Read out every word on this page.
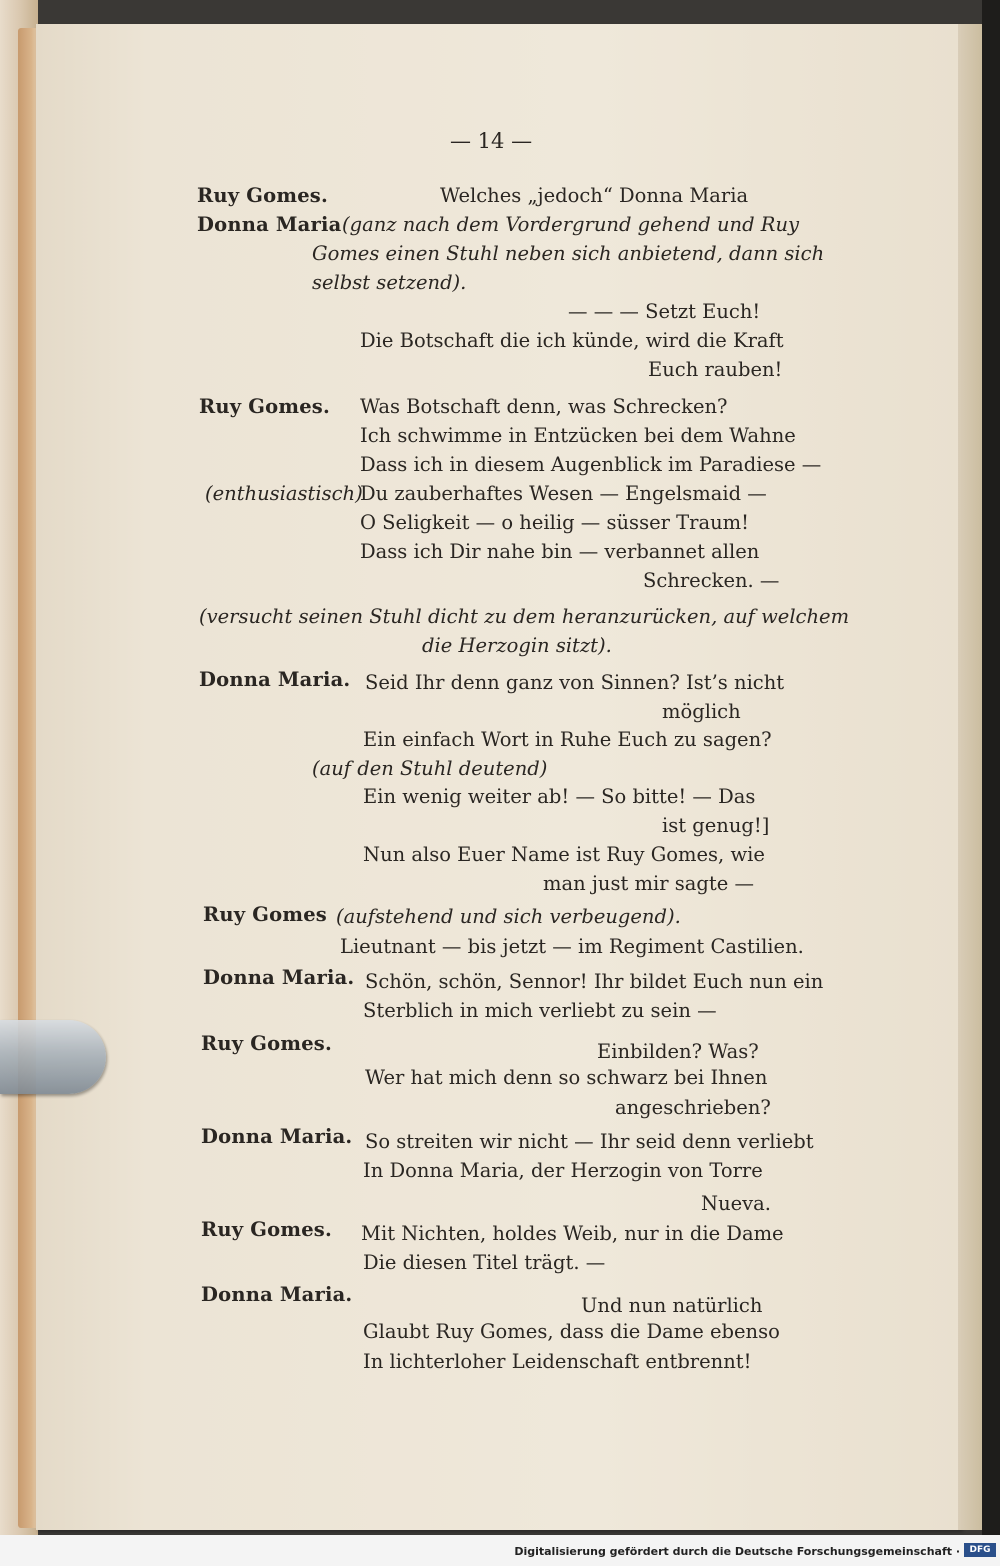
— 14 —
Ruy Gomes.	Welches „jedoch“ Donna Maria
Donna Maria (ganz nach dem Vordergrund gehend und Ruy
Gomes einen Stuhl neben sich anbietend, dann sich
selbst setzend).
— — — Setzt Euch!
Die Botschaft die ich künde, wird die Kraft
Euch rauben!
Ruy Gomes. Was Botschaft denn, was Schrecken?
Ich schwimme in Entzücken bei dem Wahne
Dass ich in diesem Augenblick im Paradiese —
(enthusiastisch)
Du zauberhaftes Wesen — Engelsmaid —
O Seligkeit — o heilig — süsser Traum!
Dass ich Dir nahe bin — verbannet allen
Schrecken. —
(versucht seinen Stuhl dicht zu dem heranzurücken, auf welchem
die Herzogin sitzt).
Donna Maria. Seid Ihr denn ganz von Sinnen? Ist’s nicht
möglich
Ein einfach Wort in Ruhe Euch zu sagen?
(auf den Stuhl deutend)
Ein wenig weiter ab! — So bitte! — Das
ist genug!]
Nun also Euer Name ist Ruy Gomes, wie
man just mir sagte —
Ruy Gomes (aufstehend und sich verbeugend).
Lieutnant — bis jetzt — im Regiment Castilien.
Donna Maria. Schön, schön, Sennor! Ihr bildet Euch nun ein
Sterblich in mich verliebt zu sein —
Ruy Gomes.	Einbilden? Was?
Wer hat mich denn so schwarz bei Ihnen
angeschrieben?
Donna Maria. So streiten wir nicht — Ihr seid denn verliebt
In Donna Maria, der Herzogin von Torre
Nueva.
Ruy Gomes. Mit Nichten, holdes Weib, nur in die Dame
Die diesen Titel trägt. —
Donna Maria.	Und nun natürlich
Glaubt Ruy Gomes, dass die Dame ebenso
In lichterloher Leidenschaft entbrennt!
Digitalisierung gefördert durch die Deutsche Forschungsgemeinschaft ·	DFG
